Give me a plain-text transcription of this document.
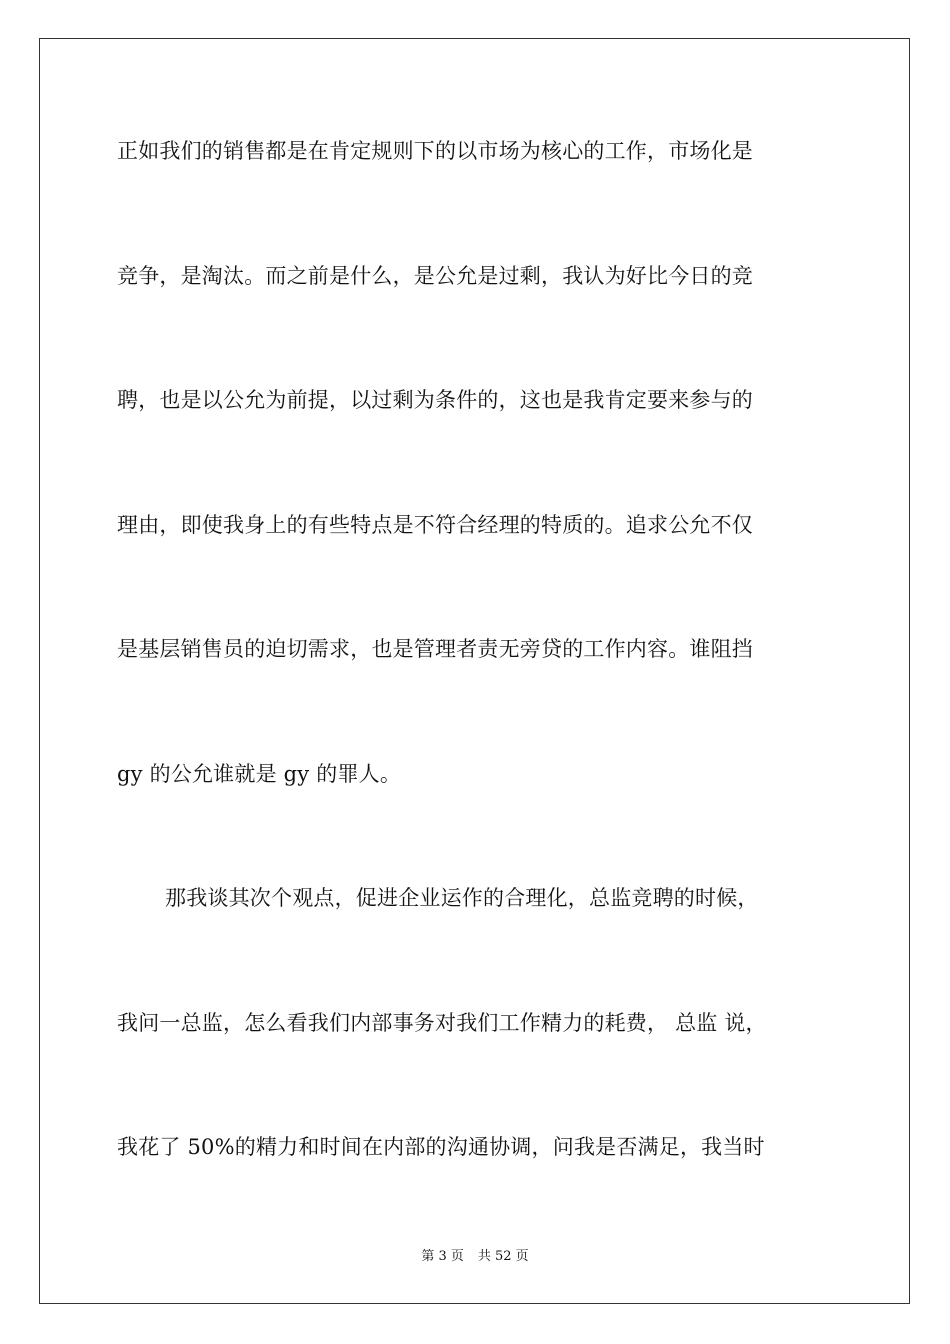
正如我们的销售都是在肯定规则下的以市场为核心的工作，市场化是
竞争，是淘汰。而之前是什么，是公允是过剩，我认为好比今日的竞
聘，也是以公允为前提，以过剩为条件的，这也是我肯定要来参与的
理由，即使我身上的有些特点是不符合经理的特质的。追求公允不仅
是基层销售员的迫切需求，也是管理者责无旁贷的工作内容。谁阻挡
gy 的公允谁就是 gy 的罪人。
那我谈其次个观点，促进企业运作的合理化，总监竞聘的时候，
我问一总监，怎么看我们内部事务对我们工作精力的耗费， 总监 说，
我花了 50%的精力和时间在内部的沟通协调，问我是否满足，我当时
第 3 页 共 52 页
